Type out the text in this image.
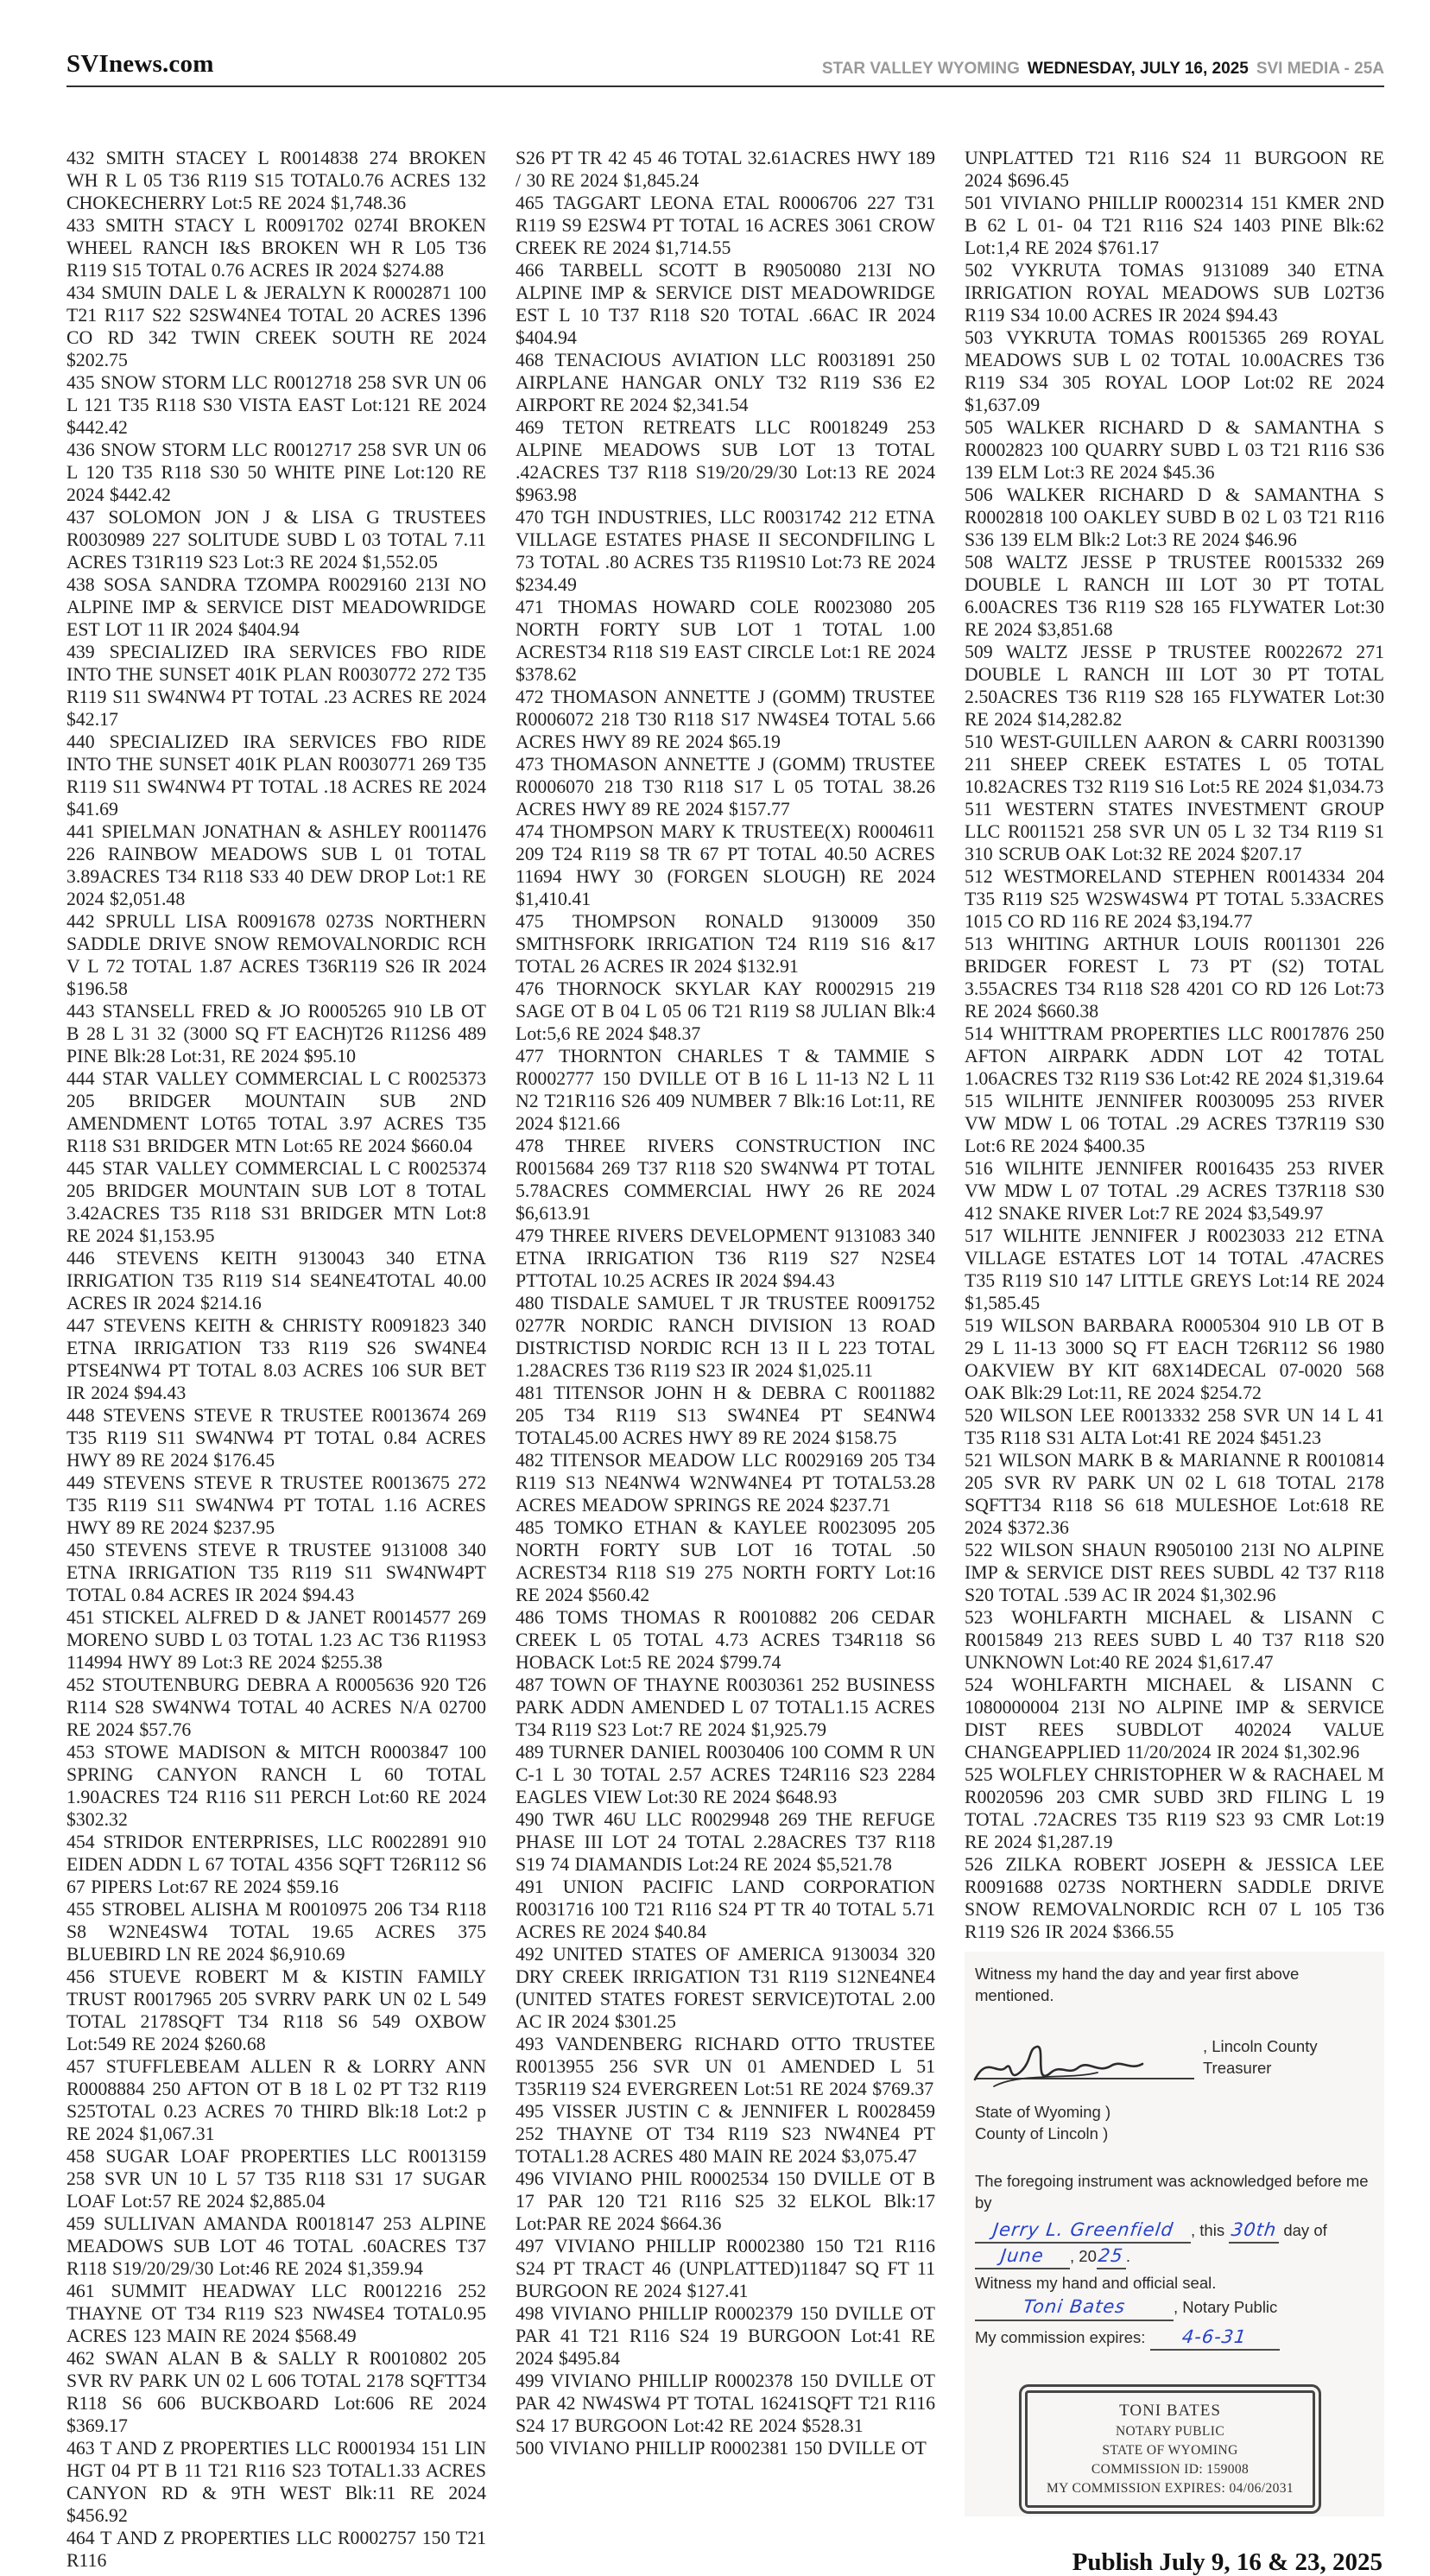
SVInews.com	STAR VALLEY WYOMING WEDNESDAY, JULY 16, 2025 SVI MEDIA - 25A

432 SMITH STACEY L R0014838 274 BROKEN WH R L 05 T36 R119 S15 TOTAL0.76 ACRES 132 CHOKECHERRY Lot:5 RE 2024 $1,748.36

433 SMITH STACY L R0091702 0274I BROKEN WHEEL RANCH I&S BROKEN WH R L05 T36 R119 S15 TOTAL 0.76 ACRES IR 2024 $274.88

434 SMUIN DALE L & JERALYN K R0002871 100 T21 R117 S22 S2SW4NE4 TOTAL 20 ACRES 1396 CO RD 342 TWIN CREEK SOUTH RE 2024 $202.75

435 SNOW STORM LLC R0012718 258 SVR UN 06 L 121 T35 R118 S30 VISTA EAST Lot:121 RE 2024 $442.42

436 SNOW STORM LLC R0012717 258 SVR UN 06 L 120 T35 R118 S30 50 WHITE PINE Lot:120 RE 2024 $442.42

437 SOLOMON JON J & LISA G TRUSTEES R0030989 227 SOLITUDE SUBD L 03 TOTAL 7.11 ACRES T31R119 S23 Lot:3 RE 2024 $1,552.05

438 SOSA SANDRA TZOMPA R0029160 213I NO ALPINE IMP & SERVICE DIST MEADOWRIDGE EST LOT 11 IR 2024 $404.94

439 SPECIALIZED IRA SERVICES FBO RIDE INTO THE SUNSET 401K PLAN R0030772 272 T35 R119 S11 SW4NW4 PT TOTAL .23 ACRES RE 2024 $42.17

440 SPECIALIZED IRA SERVICES FBO RIDE INTO THE SUNSET 401K PLAN R0030771 269 T35 R119 S11 SW4NW4 PT TOTAL .18 ACRES RE 2024 $41.69

441 SPIELMAN JONATHAN & ASHLEY R0011476 226 RAINBOW MEADOWS SUB L 01 TOTAL 3.89ACRES T34 R118 S33 40 DEW DROP Lot:1 RE 2024 $2,051.48

442 SPRULL LISA R0091678 0273S NORTHERN SADDLE DRIVE SNOW REMOVALNORDIC RCH V L 72 TOTAL 1.87 ACRES T36R119 S26 IR 2024 $196.58

443 STANSELL FRED & JO R0005265 910 LB OT B 28 L 31 32 (3000 SQ FT EACH)T26 R112S6 489 PINE Blk:28 Lot:31, RE 2024 $95.10

444 STAR VALLEY COMMERCIAL L C R0025373 205 BRIDGER MOUNTAIN SUB 2ND AMENDMENT LOT65 TOTAL 3.97 ACRES T35 R118 S31 BRIDGER MTN Lot:65 RE 2024 $660.04

445 STAR VALLEY COMMERCIAL L C R0025374 205 BRIDGER MOUNTAIN SUB LOT 8 TOTAL 3.42ACRES T35 R118 S31 BRIDGER MTN Lot:8 RE 2024 $1,153.95

446 STEVENS KEITH 9130043 340 ETNA IRRIGATION T35 R119 S14 SE4NE4TOTAL 40.00 ACRES IR 2024 $214.16

447 STEVENS KEITH & CHRISTY R0091823 340 ETNA IRRIGATION T33 R119 S26 SW4NE4 PTSE4NW4 PT TOTAL 8.03 ACRES 106 SUR BET IR 2024 $94.43

448 STEVENS STEVE R TRUSTEE R0013674 269 T35 R119 S11 SW4NW4 PT TOTAL 0.84 ACRES HWY 89 RE 2024 $176.45

449 STEVENS STEVE R TRUSTEE R0013675 272 T35 R119 S11 SW4NW4 PT TOTAL 1.16 ACRES HWY 89 RE 2024 $237.95

450 STEVENS STEVE R TRUSTEE 9131008 340 ETNA IRRIGATION T35 R119 S11 SW4NW4PT TOTAL 0.84 ACRES IR 2024 $94.43

451 STICKEL ALFRED D & JANET R0014577 269 MORENO SUBD L 03 TOTAL 1.23 AC T36 R119S3 114994 HWY 89 Lot:3 RE 2024 $255.38

452 STOUTENBURG DEBRA A R0005636 920 T26 R114 S28 SW4NW4 TOTAL 40 ACRES N/A 02700 RE 2024 $57.76

453 STOWE MADISON & MITCH R0003847 100 SPRING CANYON RANCH L 60 TOTAL 1.90ACRES T24 R116 S11 PERCH Lot:60 RE 2024 $302.32

454 STRIDOR ENTERPRISES, LLC R0022891 910 EIDEN ADDN L 67 TOTAL 4356 SQFT T26R112 S6 67 PIPERS Lot:67 RE 2024 $59.16

455 STROBEL ALISHA M R0010975 206 T34 R118 S8 W2NE4SW4 TOTAL 19.65 ACRES 375 BLUEBIRD LN RE 2024 $6,910.69

456 STUEVE ROBERT M & KISTIN FAMILY TRUST R0017965 205 SVRRV PARK UN 02 L 549 TOTAL 2178SQFT T34 R118 S6 549 OXBOW Lot:549 RE 2024 $260.68

457 STUFFLEBEAM ALLEN R & LORRY ANN R0008884 250 AFTON OT B 18 L 02 PT T32 R119 S25TOTAL 0.23 ACRES 70 THIRD Blk:18 Lot:2 p RE 2024 $1,067.31

458 SUGAR LOAF PROPERTIES LLC R0013159 258 SVR UN 10 L 57 T35 R118 S31 17 SUGAR LOAF Lot:57 RE 2024 $2,885.04

459 SULLIVAN AMANDA R0018147 253 ALPINE MEADOWS SUB LOT 46 TOTAL .60ACRES T37 R118 S19/20/29/30 Lot:46 RE 2024 $1,359.94

461 SUMMIT HEADWAY LLC R0012216 252 THAYNE OT T34 R119 S23 NW4SE4 TOTAL0.95 ACRES 123 MAIN RE 2024 $568.49

462 SWAN ALAN B & SALLY R R0010802 205 SVR RV PARK UN 02 L 606 TOTAL 2178 SQFTT34 R118 S6 606 BUCKBOARD Lot:606 RE 2024 $369.17

463 T AND Z PROPERTIES LLC R0001934 151 LIN HGT 04 PT B 11 T21 R116 S23 TOTAL1.33 ACRES CANYON RD & 9TH WEST Blk:11 RE 2024 $456.92

464 T AND Z PROPERTIES LLC R0002757 150 T21 R116

S26 PT TR 42 45 46 TOTAL 32.61ACRES HWY 189 / 30 RE 2024 $1,845.24

465 TAGGART LEONA ETAL R0006706 227 T31 R119 S9 E2SW4 PT TOTAL 16 ACRES 3061 CROW CREEK RE 2024 $1,714.55

466 TARBELL SCOTT B R9050080 213I NO ALPINE IMP & SERVICE DIST MEADOWRIDGE EST L 10 T37 R118 S20 TOTAL .66AC IR 2024 $404.94

468 TENACIOUS AVIATION LLC R0031891 250 AIRPLANE HANGAR ONLY T32 R119 S36 E2 AIRPORT RE 2024 $2,341.54

469 TETON RETREATS LLC R0018249 253 ALPINE MEADOWS SUB LOT 13 TOTAL .42ACRES T37 R118 S19/20/29/30 Lot:13 RE 2024 $963.98

470 TGH INDUSTRIES, LLC R0031742 212 ETNA VILLAGE ESTATES PHASE II SECONDFILING L 73 TOTAL .80 ACRES T35 R119S10 Lot:73 RE 2024 $234.49

471 THOMAS HOWARD COLE R0023080 205 NORTH FORTY SUB LOT 1 TOTAL 1.00 ACREST34 R118 S19 EAST CIRCLE Lot:1 RE 2024 $378.62

472 THOMASON ANNETTE J (GOMM) TRUSTEE R0006072 218 T30 R118 S17 NW4SE4 TOTAL 5.66 ACRES HWY 89 RE 2024 $65.19

473 THOMASON ANNETTE J (GOMM) TRUSTEE R0006070 218 T30 R118 S17 L 05 TOTAL 38.26 ACRES HWY 89 RE 2024 $157.77

474 THOMPSON MARY K TRUSTEE(X) R0004611 209 T24 R119 S8 TR 67 PT TOTAL 40.50 ACRES 11694 HWY 30 (FORGEN SLOUGH) RE 2024 $1,410.41

475 THOMPSON RONALD 9130009 350 SMITHSFORK IRRIGATION T24 R119 S16 &17 TOTAL 26 ACRES IR 2024 $132.91

476 THORNOCK SKYLAR KAY R0002915 219 SAGE OT B 04 L 05 06 T21 R119 S8 JULIAN Blk:4 Lot:5,6 RE 2024 $48.37

477 THORNTON CHARLES T & TAMMIE S R0002777 150 DVILLE OT B 16 L 11-13 N2 L 11 N2 T21R116 S26 409 NUMBER 7 Blk:16 Lot:11, RE 2024 $121.66

478 THREE RIVERS CONSTRUCTION INC R0015684 269 T37 R118 S20 SW4NW4 PT TOTAL 5.78ACRES COMMERCIAL HWY 26 RE 2024 $6,613.91

479 THREE RIVERS DEVELOPMENT 9131083 340 ETNA IRRIGATION T36 R119 S27 N2SE4 PTTOTAL 10.25 ACRES IR 2024 $94.43

480 TISDALE SAMUEL T JR TRUSTEE R0091752 0277R NORDIC RANCH DIVISION 13 ROAD DISTRICTISD NORDIC RCH 13 II L 223 TOTAL 1.28ACRES T36 R119 S23 IR 2024 $1,025.11

481 TITENSOR JOHN H & DEBRA C R0011882 205 T34 R119 S13 SW4NE4 PT SE4NW4 TOTAL45.00 ACRES HWY 89 RE 2024 $158.75

482 TITENSOR MEADOW LLC R0029169 205 T34 R119 S13 NE4NW4 W2NW4NE4 PT TOTAL53.28 ACRES MEADOW SPRINGS RE 2024 $237.71

485 TOMKO ETHAN & KAYLEE R0023095 205 NORTH FORTY SUB LOT 16 TOTAL .50 ACREST34 R118 S19 275 NORTH FORTY Lot:16 RE 2024 $560.42

486 TOMS THOMAS R R0010882 206 CEDAR CREEK L 05 TOTAL 4.73 ACRES T34R118 S6 HOBACK Lot:5 RE 2024 $799.74

487 TOWN OF THAYNE R0030361 252 BUSINESS PARK ADDN AMENDED L 07 TOTAL1.15 ACRES T34 R119 S23 Lot:7 RE 2024 $1,925.79

489 TURNER DANIEL R0030406 100 COMM R UN C-1 L 30 TOTAL 2.57 ACRES T24R116 S23 2284 EAGLES VIEW Lot:30 RE 2024 $648.93

490 TWR 46U LLC R0029948 269 THE REFUGE PHASE III LOT 24 TOTAL 2.28ACRES T37 R118 S19 74 DIAMANDIS Lot:24 RE 2024 $5,521.78

491 UNION PACIFIC LAND CORPORATION R0031716 100 T21 R116 S24 PT TR 40 TOTAL 5.71 ACRES RE 2024 $40.84

492 UNITED STATES OF AMERICA 9130034 320 DRY CREEK IRRIGATION T31 R119 S12NE4NE4 (UNITED STATES FOREST SERVICE)TOTAL 2.00 AC IR 2024 $301.25

493 VANDENBERG RICHARD OTTO TRUSTEE R0013955 256 SVR UN 01 AMENDED L 51 T35R119 S24 EVERGREEN Lot:51 RE 2024 $769.37

495 VISSER JUSTIN C & JENNIFER L R0028459 252 THAYNE OT T34 R119 S23 NW4NE4 PT TOTAL1.28 ACRES 480 MAIN RE 2024 $3,075.47

496 VIVIANO PHIL R0002534 150 DVILLE OT B 17 PAR 120 T21 R116 S25 32 ELKOL Blk:17 Lot:PAR RE 2024 $664.36

497 VIVIANO PHILLIP R0002380 150 T21 R116 S24 PT TRACT 46 (UNPLATTED)11847 SQ FT 11 BURGOON RE 2024 $127.41

498 VIVIANO PHILLIP R0002379 150 DVILLE OT PAR 41 T21 R116 S24 19 BURGOON Lot:41 RE 2024 $495.84

499 VIVIANO PHILLIP R0002378 150 DVILLE OT PAR 42 NW4SW4 PT TOTAL 16241SQFT T21 R116 S24 17 BURGOON Lot:42 RE 2024 $528.31

500 VIVIANO PHILLIP R0002381 150 DVILLE OT

UNPLATTED T21 R116 S24 11 BURGOON RE 2024 $696.45

501 VIVIANO PHILLIP R0002314 151 KMER 2ND B 62 L 01- 04 T21 R116 S24 1403 PINE Blk:62 Lot:1,4 RE 2024 $761.17

502 VYKRUTA TOMAS 9131089 340 ETNA IRRIGATION ROYAL MEADOWS SUB L02T36 R119 S34 10.00 ACRES IR 2024 $94.43

503 VYKRUTA TOMAS R0015365 269 ROYAL MEADOWS SUB L 02 TOTAL 10.00ACRES T36 R119 S34 305 ROYAL LOOP Lot:02 RE 2024 $1,637.09

505 WALKER RICHARD D & SAMANTHA S R0002823 100 QUARRY SUBD L 03 T21 R116 S36 139 ELM Lot:3 RE 2024 $45.36

506 WALKER RICHARD D & SAMANTHA S R0002818 100 OAKLEY SUBD B 02 L 03 T21 R116 S36 139 ELM Blk:2 Lot:3 RE 2024 $46.96

508 WALTZ JESSE P TRUSTEE R0015332 269 DOUBLE L RANCH III LOT 30 PT TOTAL 6.00ACRES T36 R119 S28 165 FLYWATER Lot:30 RE 2024 $3,851.68

509 WALTZ JESSE P TRUSTEE R0022672 271 DOUBLE L RANCH III LOT 30 PT TOTAL 2.50ACRES T36 R119 S28 165 FLYWATER Lot:30 RE 2024 $14,282.82

510 WEST-GUILLEN AARON & CARRI R0031390 211 SHEEP CREEK ESTATES L 05 TOTAL 10.82ACRES T32 R119 S16 Lot:5 RE 2024 $1,034.73

511 WESTERN STATES INVESTMENT GROUP LLC R0011521 258 SVR UN 05 L 32 T34 R119 S1 310 SCRUB OAK Lot:32 RE 2024 $207.17

512 WESTMORELAND STEPHEN R0014334 204 T35 R119 S25 W2SW4SW4 PT TOTAL 5.33ACRES 1015 CO RD 116 RE 2024 $3,194.77

513 WHITING ARTHUR LOUIS R0011301 226 BRIDGER FOREST L 73 PT (S2) TOTAL 3.55ACRES T34 R118 S28 4201 CO RD 126 Lot:73 RE 2024 $660.38

514 WHITTRAM PROPERTIES LLC R0017876 250 AFTON AIRPARK ADDN LOT 42 TOTAL 1.06ACRES T32 R119 S36 Lot:42 RE 2024 $1,319.64

515 WILHITE JENNIFER R0030095 253 RIVER VW MDW L 06 TOTAL .29 ACRES T37R119 S30 Lot:6 RE 2024 $400.35

516 WILHITE JENNIFER R0016435 253 RIVER VW MDW L 07 TOTAL .29 ACRES T37R118 S30 412 SNAKE RIVER Lot:7 RE 2024 $3,549.97

517 WILHITE JENNIFER J R0023033 212 ETNA VILLAGE ESTATES LOT 14 TOTAL .47ACRES T35 R119 S10 147 LITTLE GREYS Lot:14 RE 2024 $1,585.45

519 WILSON BARBARA R0005304 910 LB OT B 29 L 11-13 3000 SQ FT EACH T26R112 S6 1980 OAKVIEW BY KIT 68X14DECAL 07-0020 568 OAK Blk:29 Lot:11, RE 2024 $254.72

520 WILSON LEE R0013332 258 SVR UN 14 L 41 T35 R118 S31 ALTA Lot:41 RE 2024 $451.23

521 WILSON MARK B & MARIANNE R R0010814 205 SVR RV PARK UN 02 L 618 TOTAL 2178 SQFTT34 R118 S6 618 MULESHOE Lot:618 RE 2024 $372.36

522 WILSON SHAUN R9050100 213I NO ALPINE IMP & SERVICE DIST REES SUBDL 42 T37 R118 S20 TOTAL .539 AC IR 2024 $1,302.96

523 WOHLFARTH MICHAEL & LISANN C R0015849 213 REES SUBD L 40 T37 R118 S20 UNKNOWN Lot:40 RE 2024 $1,617.47

524 WOHLFARTH MICHAEL & LISANN C 1080000004 213I NO ALPINE IMP & SERVICE DIST REES SUBDLOT 402024 VALUE CHANGEAPPLIED 11/20/2024 IR 2024 $1,302.96

525 WOLFLEY CHRISTOPHER W & RACHAEL M R0020596 203 CMR SUBD 3RD FILING L 19 TOTAL .72ACRES T35 R119 S23 93 CMR Lot:19 RE 2024 $1,287.19

526 ZILKA ROBERT JOSEPH & JESSICA LEE R0091688 0273S NORTHERN SADDLE DRIVE SNOW REMOVALNORDIC RCH 07 L 105 T36 R119 S26 IR 2024 $366.55

Witness my hand the day and year first above mentioned.
, Lincoln County Treasurer
State of Wyoming )
County of Lincoln )
The foregoing instrument was acknowledged before me by
Jerry L. Greenfield , this 30th day of June , 2025.
Witness my hand and official seal. Toni Bates	, Notary Public
My commission expires: 4-6-31
TONI BATES
NOTARY PUBLIC
STATE OF WYOMING
COMMISSION ID: 159008
MY COMMISSION EXPIRES: 04/06/2031
Publish July 9, 16 & 23, 2025
